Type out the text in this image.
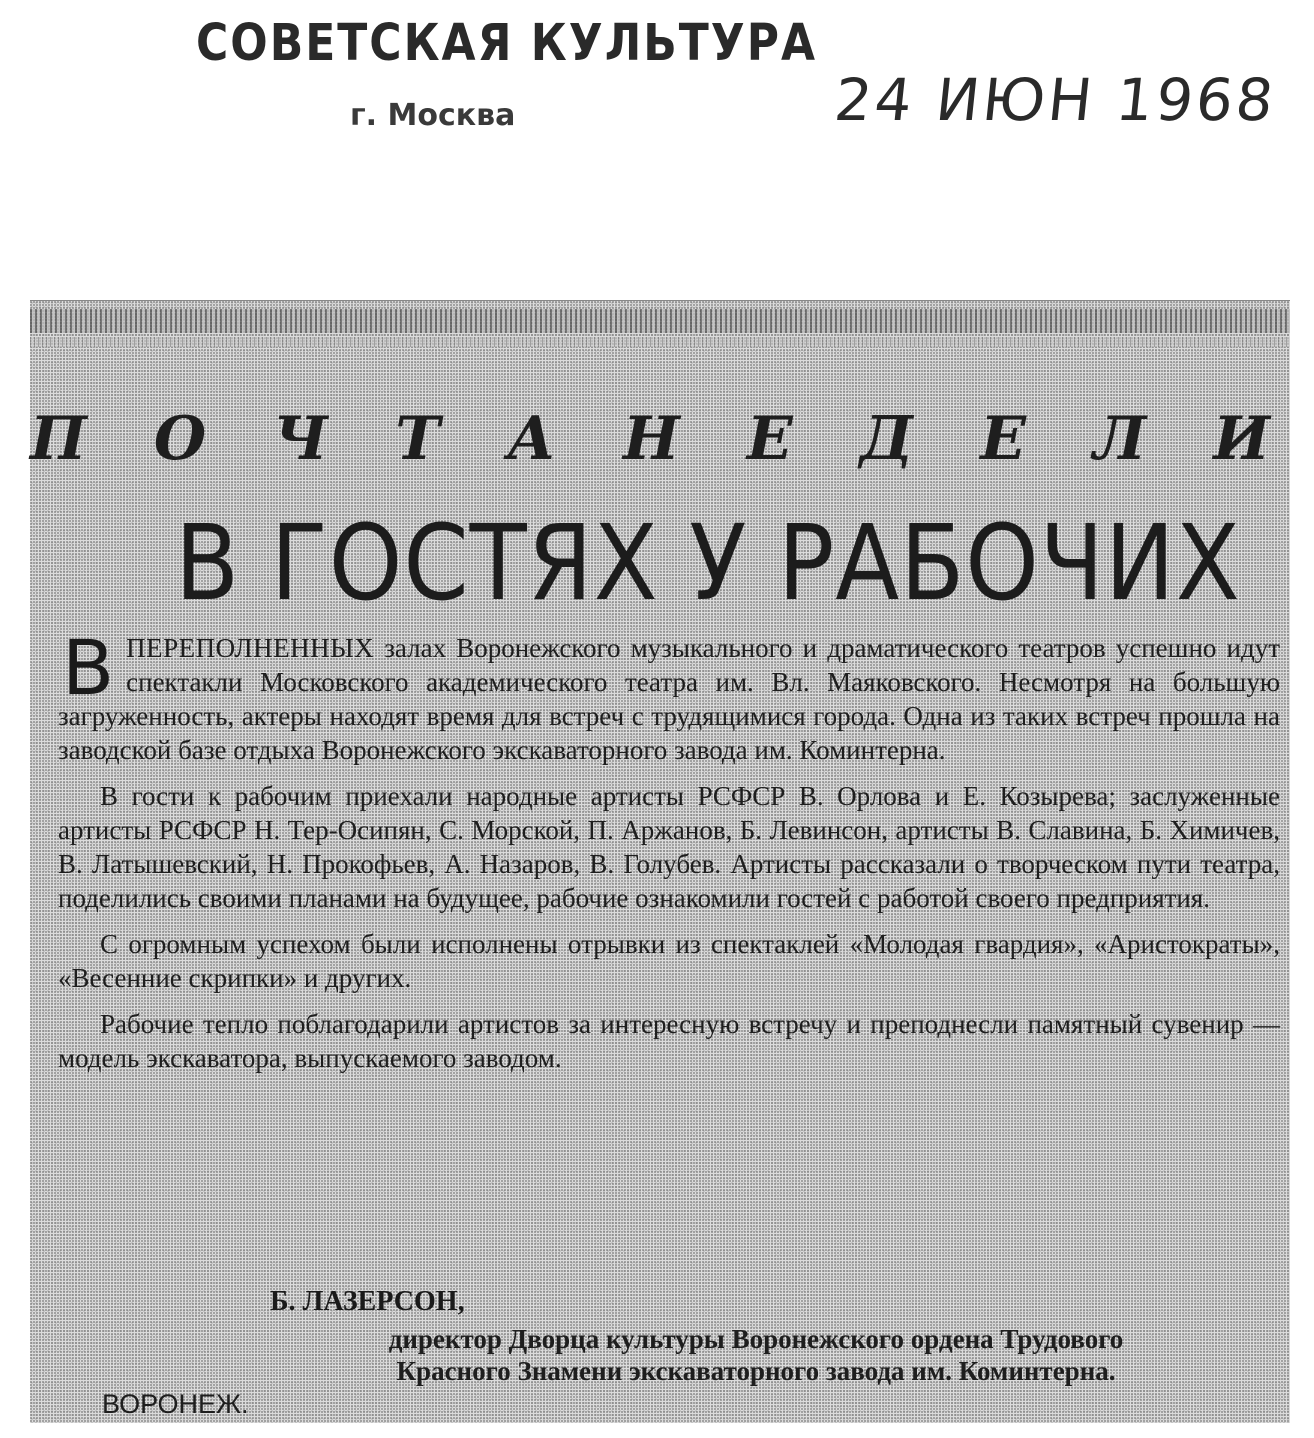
СОВЕТСКАЯ КУЛЬТУРА
г. Москва	24 ИЮН 1968
П О Ч Т А Н Е Д Е Л И
В ГОСТЯХ У РАБОЧИХ

ВПЕРЕПОЛНЕННЫХ залах Воронежского музыкального и драматического театров успешно идут спектакли Московского академического театра им. Вл. Маяковского. Несмотря на большую загруженность, актеры находят время для встреч с трудящимися города. Одна из таких встреч прошла на заводской базе отдыха Воронежского экскаваторного завода им. Коминтерна.

В гости к рабочим приехали народные артисты РСФСР В. Орлова и Е. Козырева; заслуженные артисты РСФСР Н. Тер-Осипян, С. Морской, П. Аржанов, Б. Левинсон, артисты В. Славина, Б. Химичев, В. Латышевский, Н. Прокофьев, А. Назаров, В. Голубев. Артисты рассказали о творческом пути театра, поделились своими планами на будущее, рабочие ознакомили гостей с работой своего предприятия.

С огромным успехом были исполнены отрывки из спектаклей «Молодая гвардия», «Аристократы», «Весенние скрипки» и других.

Рабочие тепло поблагодарили артистов за интересную встречу и преподнесли памятный сувенир — модель экскаватора, выпускаемого заводом.

Б. ЛАЗЕРСОН,
директор Дворца культуры Воронежского ордена Трудового
Красного Знамени экскаваторного завода им. Коминтерна.
ВОРОНЕЖ.
